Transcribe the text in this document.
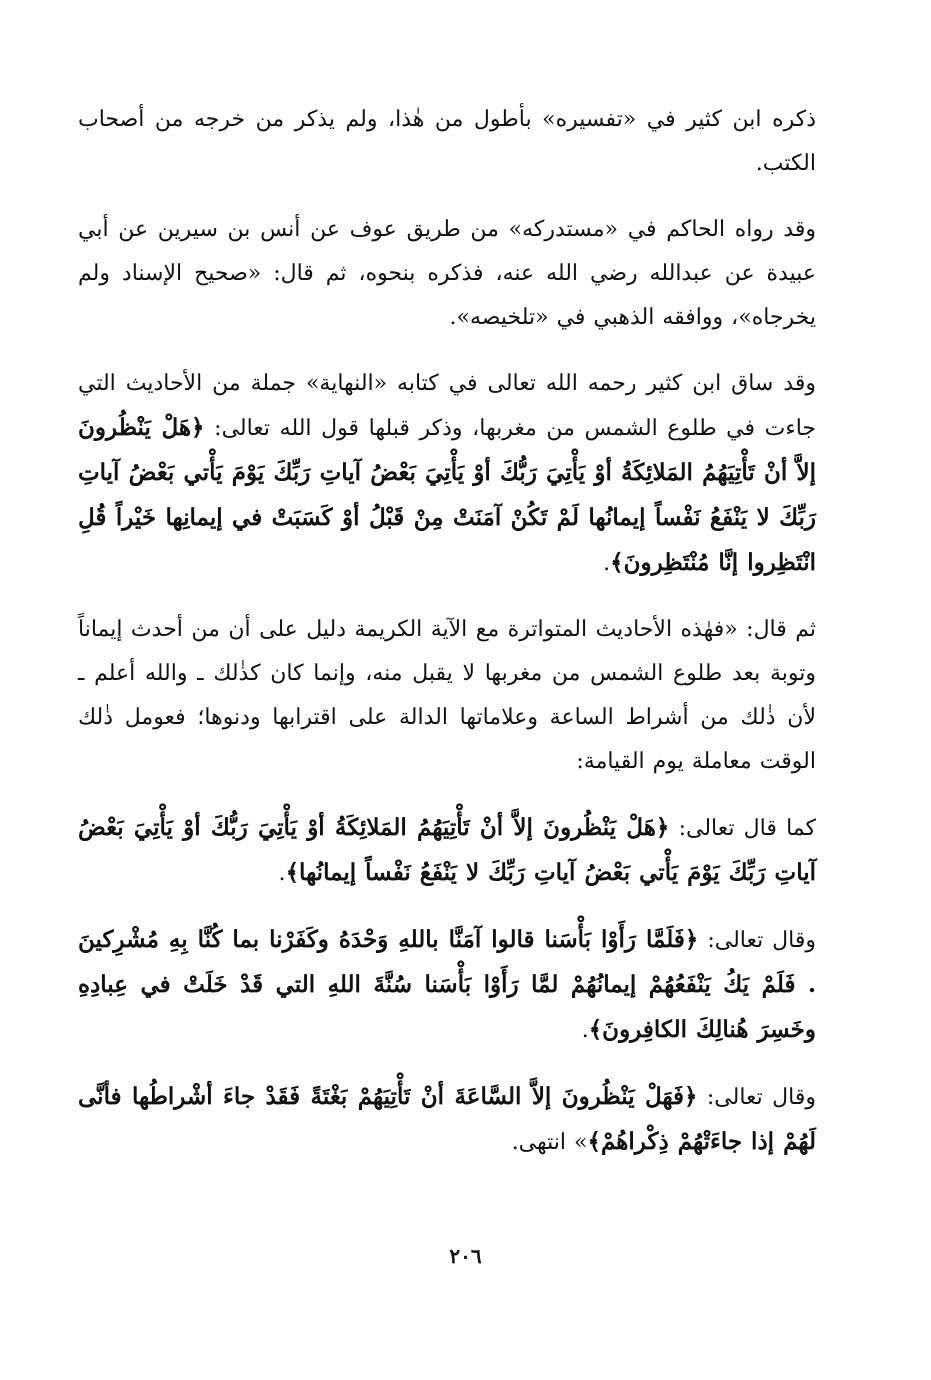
ذكره ابن كثير في «تفسيره» بأطول من هٰذا، ولم يذكر من خرجه من أصحاب الكتب.

وقد رواه الحاكم في «مستدركه» من طريق عوف عن أنس بن سيرين عن أبي عبيدة عن عبدالله رضي الله عنه، فذكره بنحوه، ثم قال: «صحيح الإسناد ولم يخرجاه»، ووافقه الذهبي في «تلخيصه».

وقد ساق ابن كثير رحمه الله تعالى في كتابه «النهاية» جملة من الأحاديث التي جاءت في طلوع الشمس من مغربها، وذكر قبلها قول الله تعالى: ﴿هَلْ يَنْظُرونَ إلاَّ أنْ تَأْتِيَهُمُ المَلائِكَةُ أوْ يَأْتِيَ رَبُّكَ أوْ يَأْتِيَ بَعْضُ آياتِ رَبِّكَ يَوْمَ يَأْتي بَعْضُ آياتِ رَبِّكَ لا يَنْفَعُ نَفْساً إيمانُها لَمْ تَكُنْ آمَنَتْ مِنْ قَبْلُ أوْ كَسَبَتْ في إيمانِها خَيْراً قُلِ انْتَظِروا إنَّا مُنْتَظِرونَ﴾.

ثم قال: «فهٰذه الأحاديث المتواترة مع الآية الكريمة دليل على أن من أحدث إيماناً وتوبة بعد طلوع الشمس من مغربها لا يقبل منه، وإنما كان كذٰلك ـ والله أعلم ـ لأن ذٰلك من أشراط الساعة وعلاماتها الدالة على اقترابها ودنوها؛ فعومل ذٰلك الوقت معاملة يوم القيامة:

كما قال تعالى: ﴿هَلْ يَنْظُرونَ إلاَّ أنْ تَأْتِيَهُمُ المَلائِكَةُ أوْ يَأْتِيَ رَبُّكَ أوْ يَأْتِيَ بَعْضُ آياتِ رَبِّكَ يَوْمَ يَأْتي بَعْضُ آياتِ رَبِّكَ لا يَنْفَعُ نَفْساً إيمانُها﴾.

وقال تعالى: ﴿فَلَمَّا رَأَوْا بَأْسَنا قالوا آمَنَّا باللهِ وَحْدَهُ وكَفَرْنا بما كُنَّا بِهِ مُشْرِكينَ . فَلَمْ يَكُ يَنْفَعُهُمْ إيمانُهُمْ لمَّا رَأَوْا بَأْسَنا سُنَّةَ اللهِ التي قَدْ خَلَتْ في عِبادِهِ وخَسِرَ هُنالِكَ الكافِرونَ﴾.

وقال تعالى: ﴿فَهَلْ يَنْظُرونَ إلاَّ السَّاعَةَ أنْ تَأْتِيَهُمْ بَغْتَةً فَقَدْ جاءَ أشْراطُها فأنَّى لَهُمْ إذا جاءَتْهُمْ ذِكْراهُمْ﴾» انتهى.

٢٠٦
